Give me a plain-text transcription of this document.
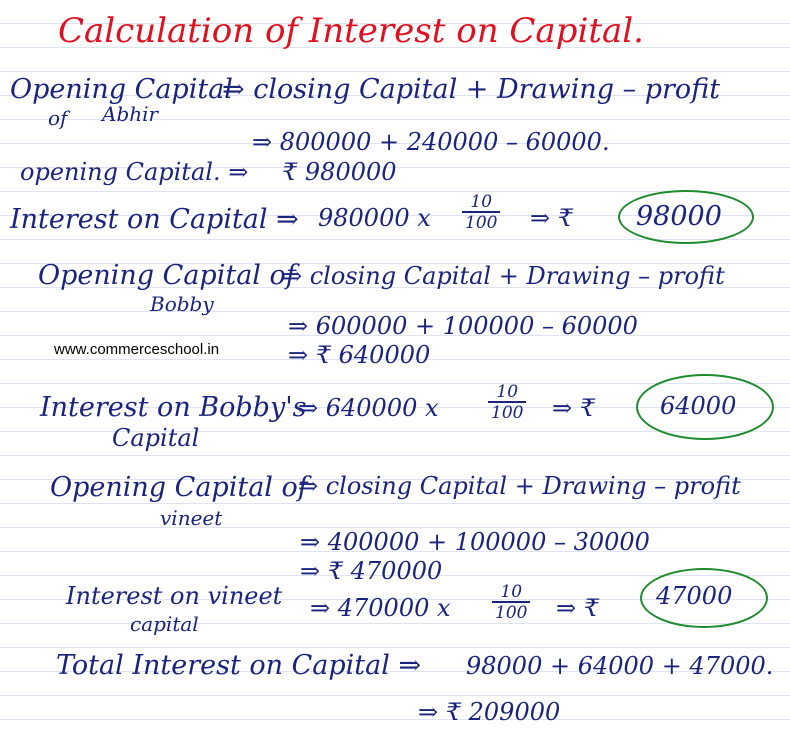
Calculation of Interest on Capital.
Opening Capital
of Abhir
⇒ closing Capital + Drawing – profit
⇒ 800000 + 240000 – 60000.
opening Capital. ⇒ ₹ 980000
Interest on Capital ⇒ 980000 x $\frac{10}{100}$ ⇒ ₹ 98000
Opening Capital of
Bobby
⇒ closing Capital + Drawing – profit
⇒ 600000 + 100000 – 60000
⇒ ₹ 640000
www.commerceschool.in
Interest on Bobby's
Capital
⇒ 640000 x	$\frac{10}{100}$ ⇒ ₹	64000
Opening Capital of
vineet
⇒ closing Capital + Drawing – profit
⇒ 400000 + 100000 – 30000
⇒ ₹ 470000
Interest on vineet
capital
⇒ 470000 x $\frac{10}{100}$ ⇒ ₹ 47000
Total Interest on Capital ⇒ 98000 + 64000 + 47000.
⇒ ₹ 209000
